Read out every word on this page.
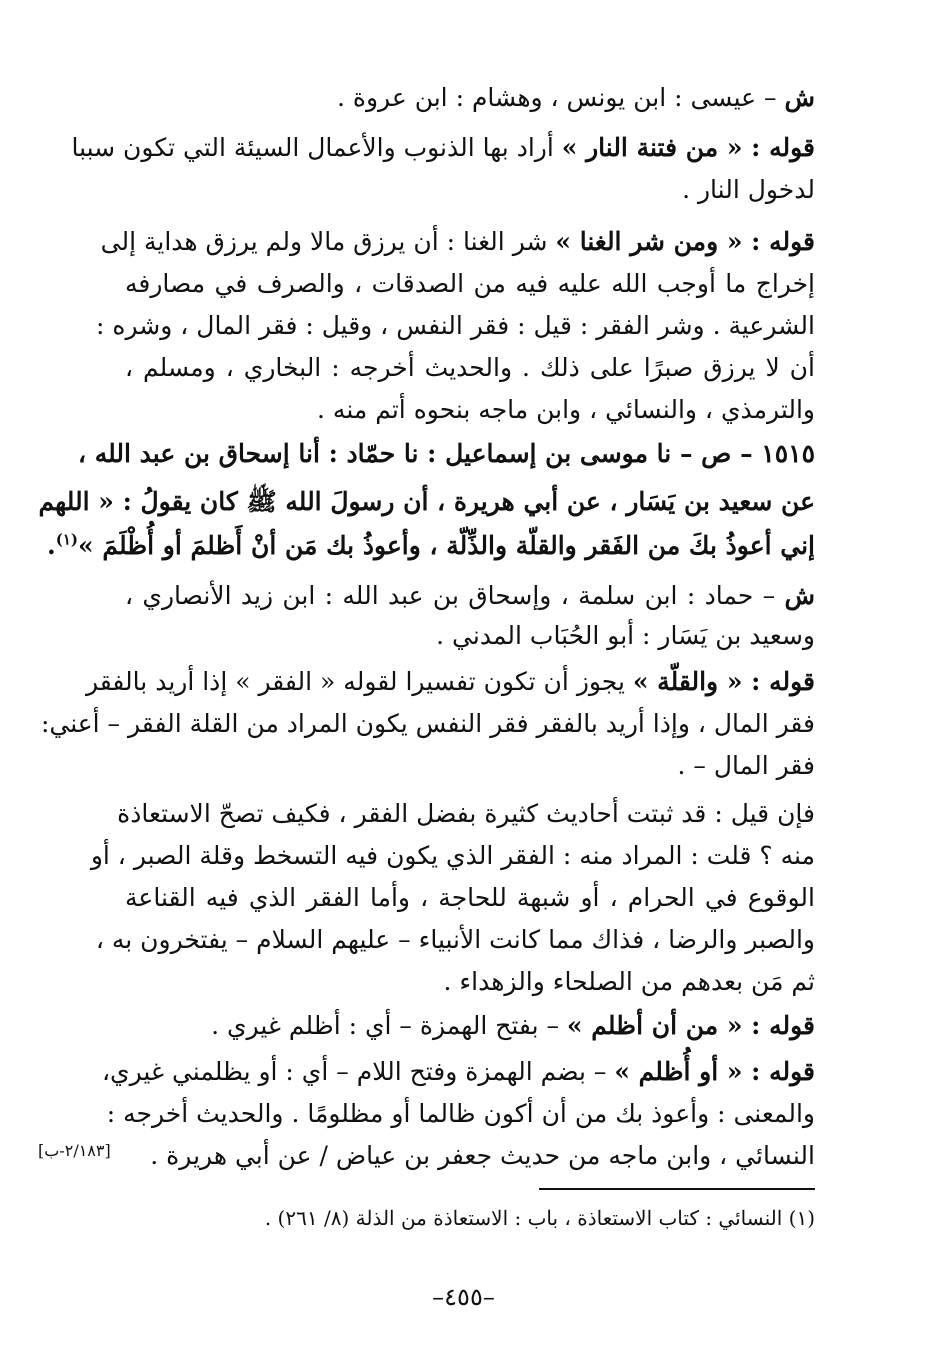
ش – عيسى : ابن يونس ، وهشام : ابن عروة .
قوله : « من فتنة النار » أراد بها الذنوب والأعمال السيئة التي تكون سببا
لدخول النار .
قوله : « ومن شر الغنا » شر الغنا : أن يرزق مالا ولم يرزق هداية إلى
إخراج ما أوجب الله عليه فيه من الصدقات ، والصرف في مصارفه
الشرعية . وشر الفقر : قيل : فقر النفس ، وقيل : فقر المال ، وشره :
أن لا يرزق صبرًا على ذلك . والحديث أخرجه : البخاري ، ومسلم ،
والترمذي ، والنسائي ، وابن ماجه بنحوه أتم منه .
١٥١٥ – ص – نا موسى بن إسماعيل : نا حمّاد : أنا إسحاق بن عبد الله ،
عن سعيد بن يَسَار ، عن أبي هريرة ، أن رسولَ الله ﷺ كان يقولُ : « اللهم
إني أعوذُ بكَ من الفَقر والقلّة والذِّلّة ، وأعوذُ بك مَن أنْ أَظلمَ أو أُظْلَمَ »$^{(١)}$.
ش – حماد : ابن سلمة ، وإسحاق بن عبد الله : ابن زيد الأنصاري ،
وسعيد بن يَسَار : أبو الحُبَاب المدني .
قوله : « والقلّة » يجوز أن تكون تفسيرا لقوله « الفقر » إذا أريد بالفقر
فقر المال ، وإذا أريد بالفقر فقر النفس يكون المراد من القلة الفقر – أعني:
فقر المال – .
فإن قيل : قد ثبتت أحاديث كثيرة بفضل الفقر ، فكيف تصحّ الاستعاذة
منه ؟ قلت : المراد منه : الفقر الذي يكون فيه التسخط وقلة الصبر ، أو
الوقوع في الحرام ، أو شبهة للحاجة ، وأما الفقر الذي فيه القناعة
والصبر والرضا ، فذاك مما كانت الأنبياء – عليهم السلام – يفتخرون به ،
ثم مَن بعدهم من الصلحاء والزهداء .
قوله : « من أن أظلم » – بفتح الهمزة – أي : أظلم غيري .
قوله : « أو أُظلم » – بضم الهمزة وفتح اللام – أي : أو يظلمني غيري،
والمعنى : وأعوذ بك من أن أكون ظالما أو مظلومًا . والحديث أخرجه :
النسائي ، وابن ماجه من حديث جعفر بن عياض / عن أبي هريرة .
[٢/١٨٣-ب]
(١) النسائي : كتاب الاستعاذة ، باب : الاستعاذة من الذلة (٨/ ٢٦١) .
–٤٥٥–
